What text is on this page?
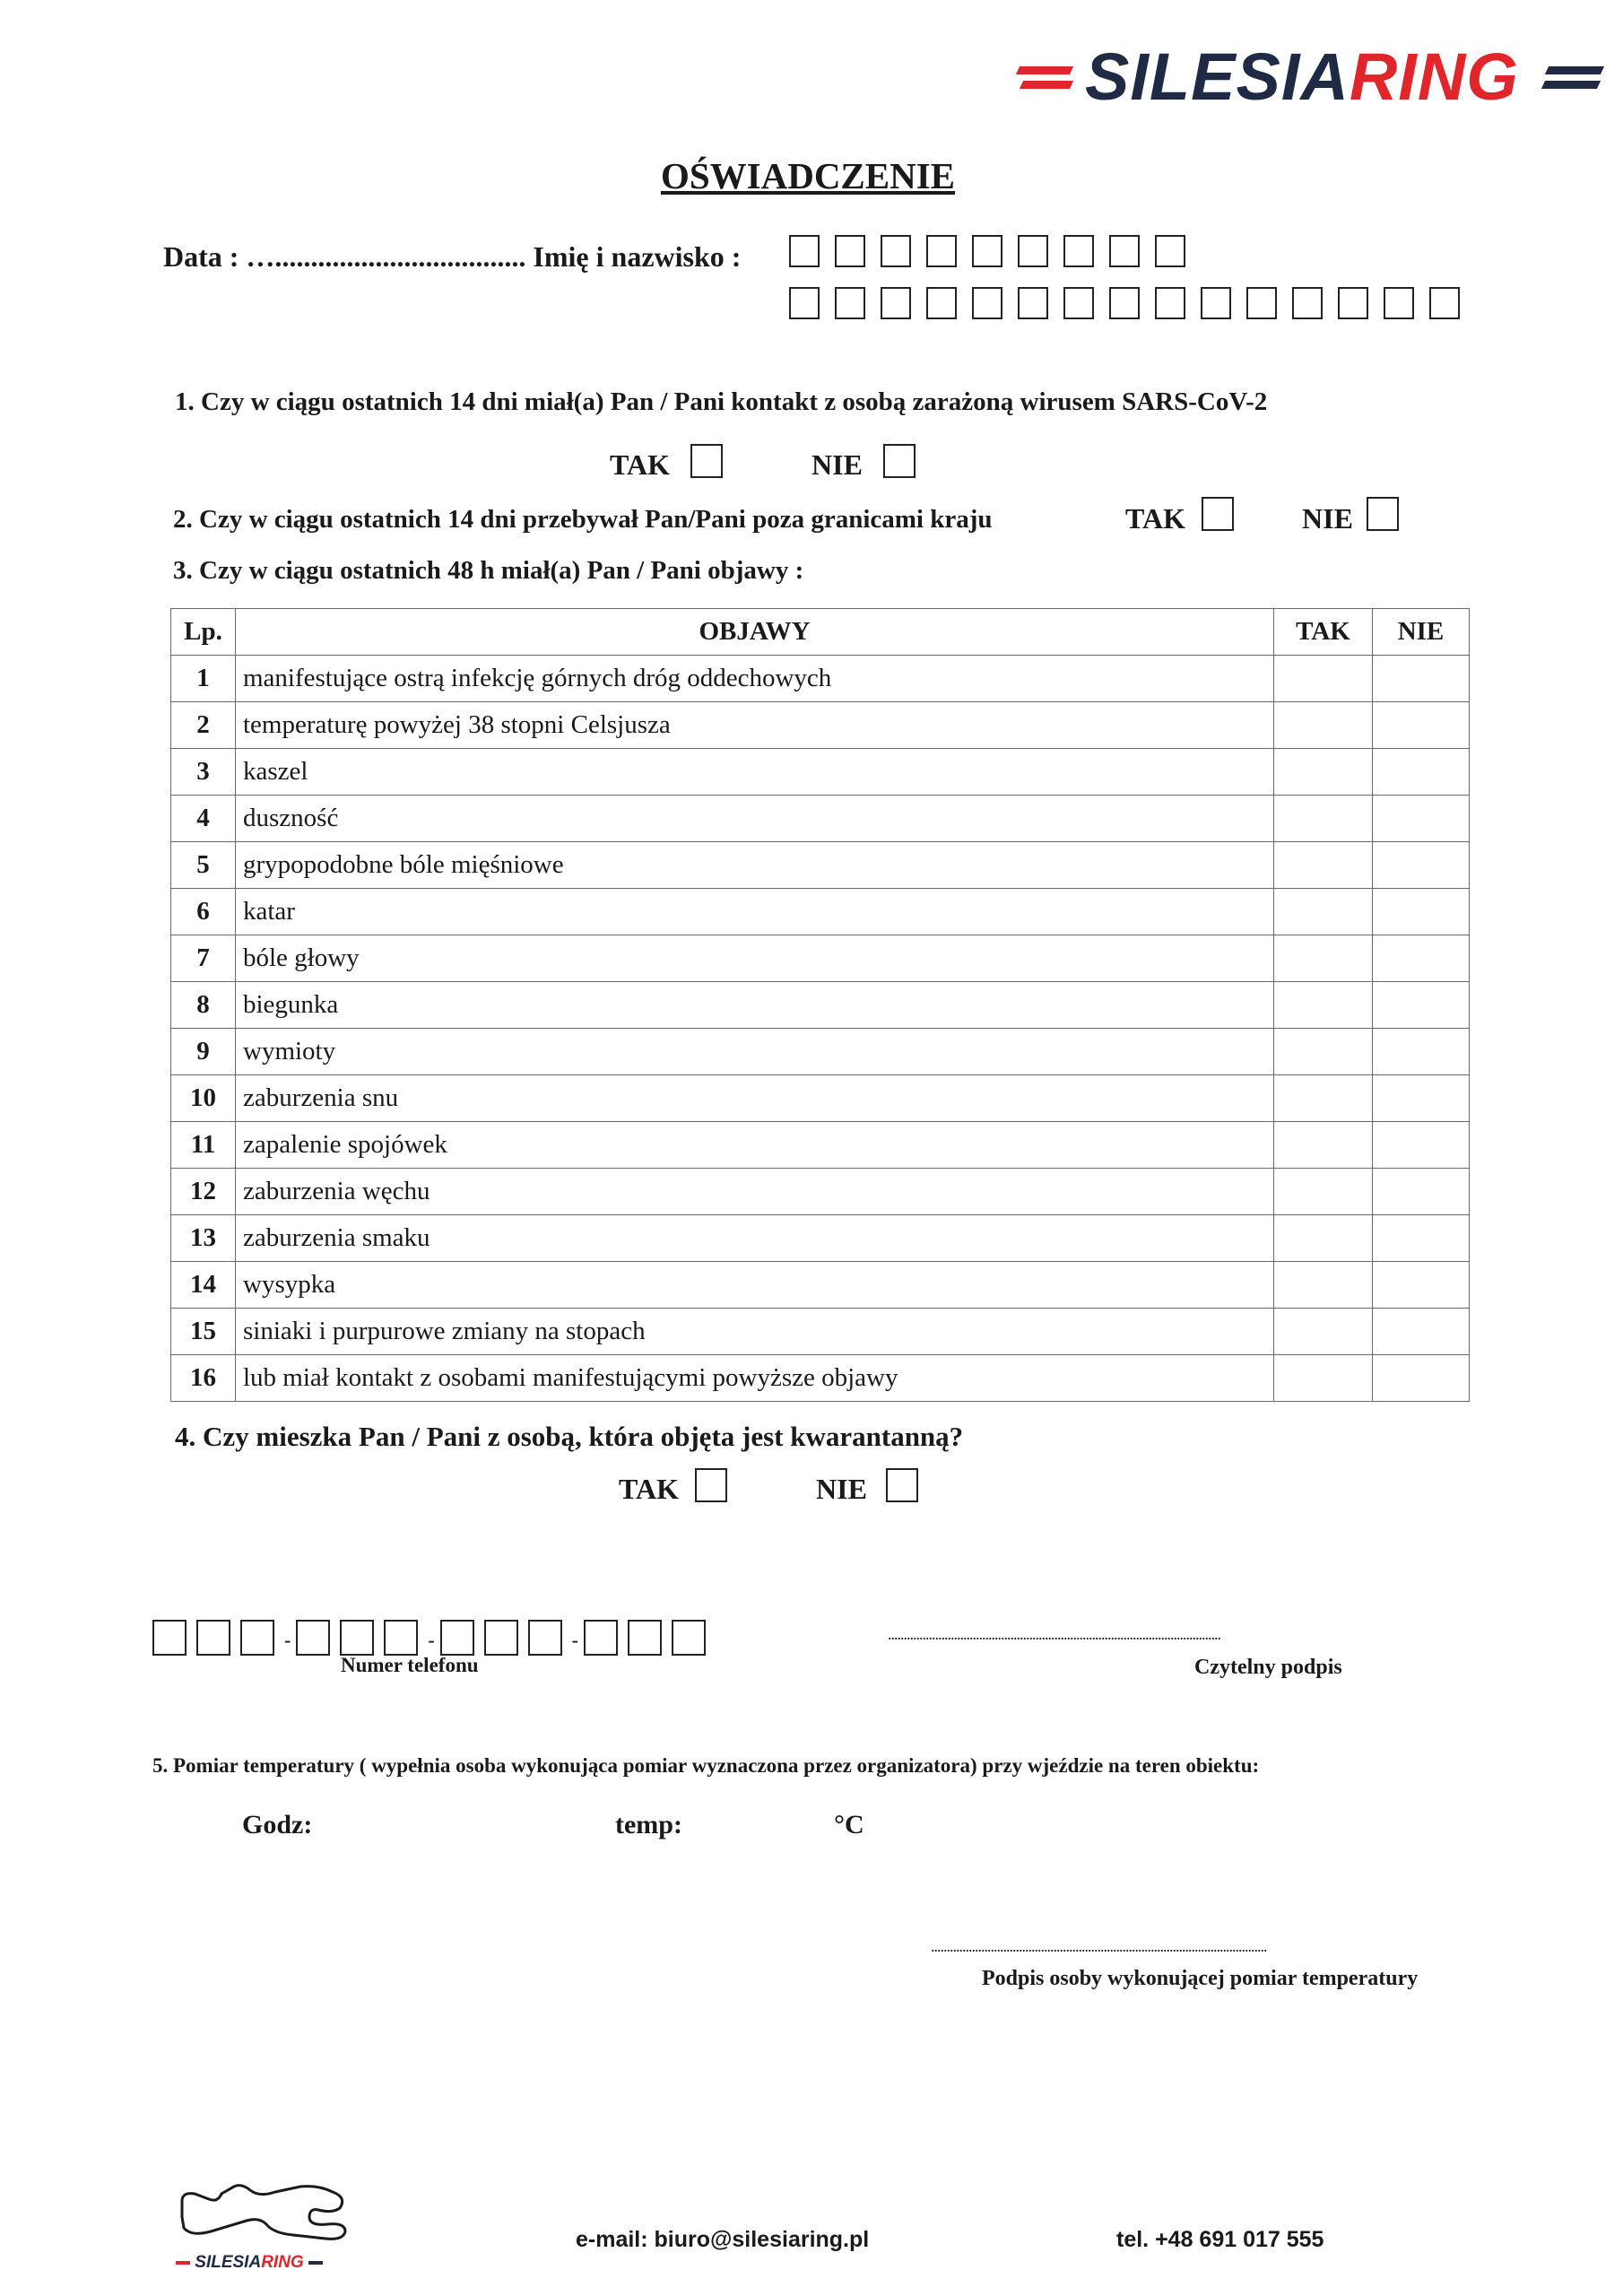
SILESIARING
OŚWIADCZENIE
Data : …................................... Imię i nazwisko :
1. Czy w ciągu ostatnich 14 dni miał(a) Pan / Pani kontakt z osobą zarażoną wirusem SARS-CoV-2
TAK	NIE
2. Czy w ciągu ostatnich 14 dni przebywał Pan/Pani poza granicami kraju	TAK	NIE
3. Czy w ciągu ostatnich 48 h miał(a) Pan / Pani objawy :
Lp.	OBJAWY	TAK	NIE
1	manifestujące ostrą infekcję górnych dróg oddechowych		
2	temperaturę powyżej 38 stopni Celsjusza		
3	kaszel		
4	duszność		
5	grypopodobne bóle mięśniowe		
6	katar		
7	bóle głowy		
8	biegunka		
9	wymioty		
10	zaburzenia snu		
11	zapalenie spojówek		
12	zaburzenia węchu		
13	zaburzenia smaku		
14	wysypka		
15	siniaki i purpurowe zmiany na stopach		
16	lub miał kontakt z osobami manifestującymi powyższe objawy		
4. Czy mieszka Pan / Pani z osobą, która objęta jest kwarantanną?
TAK	NIE
-	-	-
Numer telefonu
..........................................................................................................
Czytelny podpis
5. Pomiar temperatury ( wypełnia osoba wykonująca pomiar wyznaczona przez organizatora) przy wjeździe na teren obiektu:
Godz:	temp:	°C
...........................................................................................................
Podpis osoby wykonującej pomiar temperatury
SILESIARING
e-mail: biuro@silesiaring.pl	tel. +48 691 017 555
